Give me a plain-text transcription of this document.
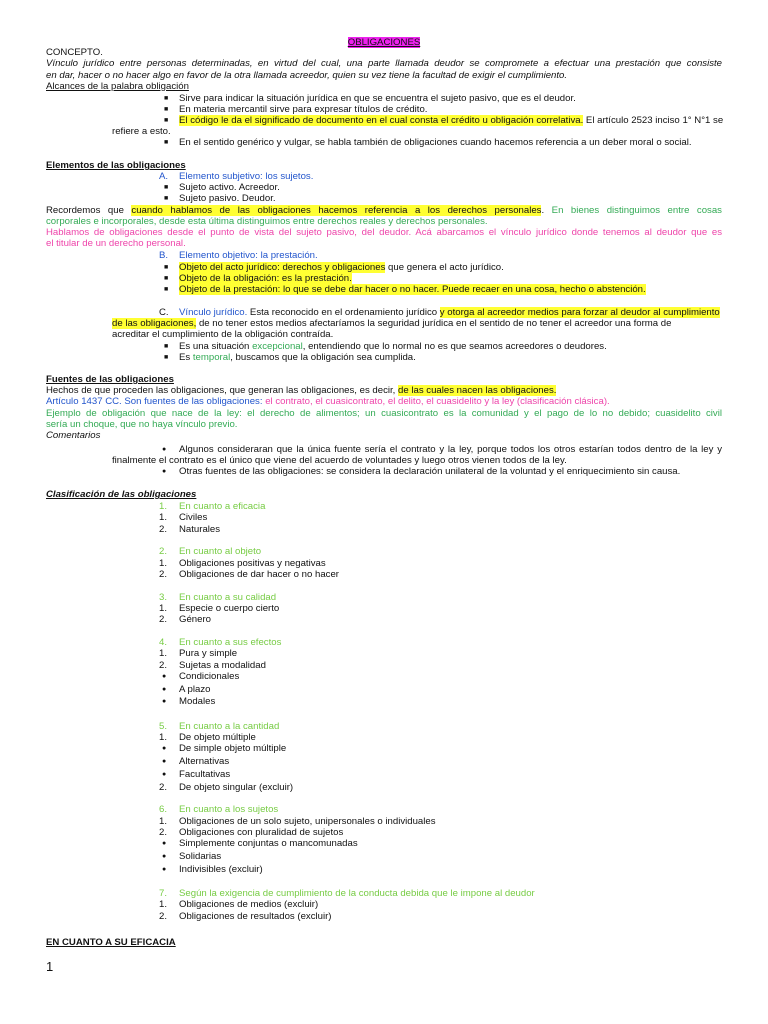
OBLIGACIONES
CONCEPTO.
Vínculo jurídico entre personas determinadas, en virtud del cual, una parte llamada deudor se compromete a efectuar una prestación que consiste
en dar, hacer o no hacer algo en favor de la otra llamada acreedor, quien su vez tiene la facultad de exigir el cumplimiento.
Alcances de la palabra obligación
■ Sirve para indicar la situación jurídica en que se encuentra el sujeto pasivo, que es el deudor.
■ En materia mercantil sirve para expresar títulos de crédito.
■ El código le da el significado de documento en el cual consta el crédito u obligación correlativa. El artículo 2523 inciso 1° N°1 se
refiere a esto.
■ En el sentido genérico y vulgar, se habla también de obligaciones cuando hacemos referencia a un deber moral o social.
Elementos de las obligaciones
A. Elemento subjetivo: los sujetos.
■ Sujeto activo. Acreedor.
■ Sujeto pasivo. Deudor.
Recordemos que cuando hablamos de las obligaciones hacemos referencia a los derechos personales. En bienes distinguimos entre cosas
corporales e incorporales, desde esta última distinguimos entre derechos reales y derechos personales.
Hablamos de obligaciones desde el punto de vista del sujeto pasivo, del deudor. Acá abarcamos el vínculo jurídico donde tenemos al deudor que es
el titular de un derecho personal.
B. Elemento objetivo: la prestación.
■ Objeto del acto jurídico: derechos y obligaciones que genera el acto jurídico.
■ Objeto de la obligación: es la prestación.
■ Objeto de la prestación: lo que se debe dar hacer o no hacer. Puede recaer en una cosa, hecho o abstención.
C. Vínculo jurídico. Esta reconocido en el ordenamiento jurídico y otorga al acreedor medios para forzar al deudor al cumplimiento
de las obligaciones, de no tener estos medios afectaríamos la seguridad jurídica en el sentido de no tener el acreedor una forma de
acreditar el cumplimiento de la obligación contraída.
■ Es una situación excepcional, entendiendo que lo normal no es que seamos acreedores o deudores.
■ Es temporal, buscamos que la obligación sea cumplida.
Fuentes de las obligaciones
Hechos de que proceden las obligaciones, que generan las obligaciones, es decir, de las cuales nacen las obligaciones.
Artículo 1437 CC. Son fuentes de las obligaciones: el contrato, el cuasicontrato, el delito, el cuasidelito y la ley (clasificación clásica).
Ejemplo de obligación que nace de la ley: el derecho de alimentos; un cuasicontrato es la comunidad y el pago de lo no debido; cuasidelito civil
sería un choque, que no haya vínculo previo.
Comentarios
● Algunos consideraran que la única fuente sería el contrato y la ley, porque todos los otros estarían todos dentro de la ley y
finalmente el contrato es el único que viene del acuerdo de voluntades y luego otros vienen todos de la ley.
● Otras fuentes de las obligaciones: se considera la declaración unilateral de la voluntad y el enriquecimiento sin causa.
Clasificación de las obligaciones
1. En cuanto a eficacia
1. Civiles
2. Naturales
2. En cuanto al objeto
1. Obligaciones positivas y negativas
2. Obligaciones de dar hacer o no hacer
3. En cuanto a su calidad
1. Especie o cuerpo cierto
2. Género
4. En cuanto a sus efectos
1. Pura y simple
2. Sujetas a modalidad
● Condicionales
● A plazo
● Modales
5. En cuanto a la cantidad
1. De objeto múltiple
● De simple objeto múltiple
● Alternativas
● Facultativas
2. De objeto singular (excluir)
6. En cuanto a los sujetos
1. Obligaciones de un solo sujeto, unipersonales o individuales
2. Obligaciones con pluralidad de sujetos
● Simplemente conjuntas o mancomunadas
● Solidarias
● Indivisibles (excluir)
7. Según la exigencia de cumplimiento de la conducta debida que le impone al deudor
1. Obligaciones de medios (excluir)
2. Obligaciones de resultados (excluir)
EN CUANTO A SU EFICACIA
1
